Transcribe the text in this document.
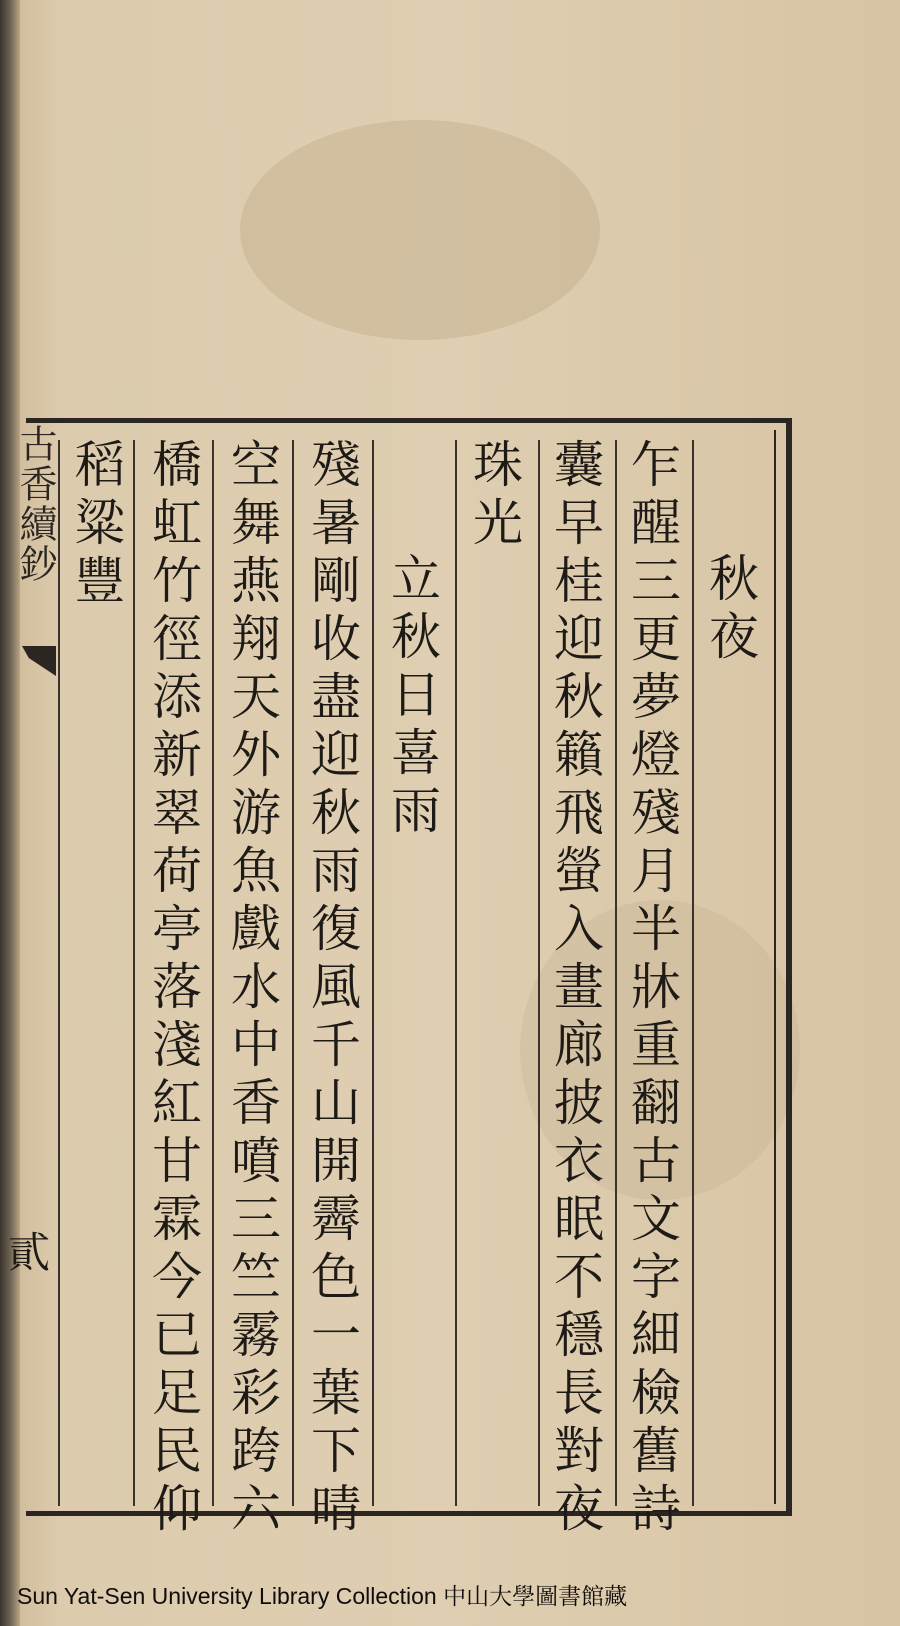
秋夜
乍醒三更夢燈殘月半牀重翻古文字細檢舊詩
囊早桂迎秋籟飛螢入畫廊披衣眠不穩長對夜
珠光
立秋日喜雨
殘暑剛收盡迎秋雨復風千山開霽色一葉下晴
空舞燕翔天外游魚戲水中香噴三竺霧彩跨六
橋虹竹徑添新翠荷亭落淺紅甘霖今已足民仰
稻粱豐
古香續鈔
貳
Sun Yat-Sen University Library Collection 中山大學圖書館藏
